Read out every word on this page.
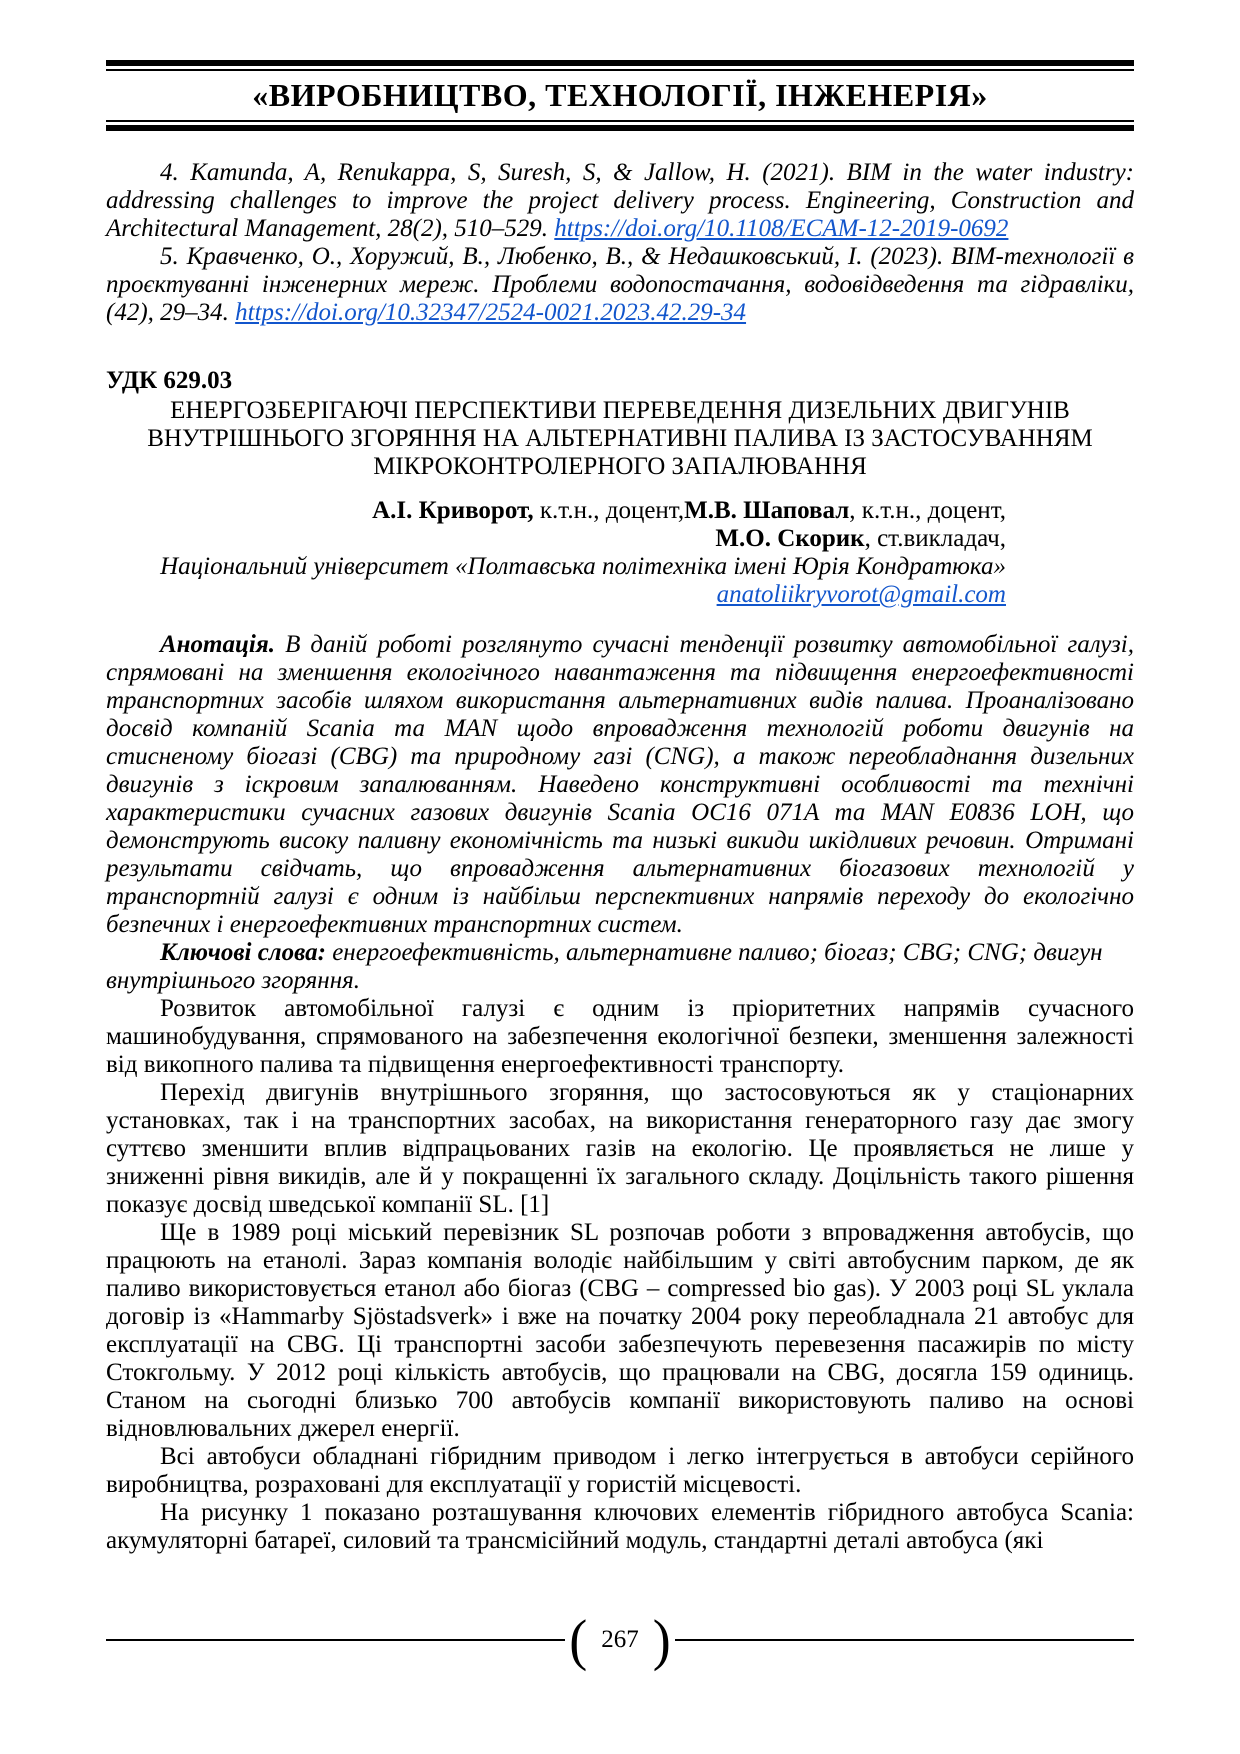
«ВИРОБНИЦТВО, ТЕХНОЛОГІЇ, ІНЖЕНЕРІЯ»

4. Kamunda, A, Renukappa, S, Suresh, S, & Jallow, H. (2021). BIM in the water industry: addressing challenges to improve the project delivery process. Engineering, Construction and Architectural Management, 28(2), 510–529. https://doi.org/10.1108/ECAM-12-2019-0692

5. Кравченко, О., Хоружий, В., Любенко, В., & Недашковський, І. (2023). BIM-технології в проєктуванні інженерних мереж. Проблеми водопостачання, водовідведення та гідравліки, (42), 29–34. https://doi.org/10.32347/2524-0021.2023.42.29-34

УДК 629.03

ЕНЕРГОЗБЕРІГАЮЧІ ПЕРСПЕКТИВИ ПЕРЕВЕДЕННЯ ДИЗЕЛЬНИХ ДВИГУНІВ ВНУТРІШНЬОГО ЗГОРЯННЯ НА АЛЬТЕРНАТИВНІ ПАЛИВА ІЗ ЗАСТОСУВАННЯМ МІКРОКОНТРОЛЕРНОГО ЗАПАЛЮВАННЯ

А.І. Криворот, к.т.н., доцент,М.В. Шаповал, к.т.н., доцент,

М.О. Скорик, ст.викладач,

Національний університет «Полтавська політехніка імені Юрія Кондратюка»

anatoliikryvorot@gmail.com

Анотація. В даній роботі розглянуто сучасні тенденції розвитку автомобільної галузі, спрямовані на зменшення екологічного навантаження та підвищення енергоефективності транспортних засобів шляхом використання альтернативних видів палива. Проаналізовано досвід компаній Scania та MAN щодо впровадження технологій роботи двигунів на стисненому біогазі (CBG) та природному газі (CNG), а також переобладнання дизельних двигунів з іскровим запалюванням. Наведено конструктивні особливості та технічні характеристики сучасних газових двигунів Scania OC16 071A та MAN E0836 LOH, що демонструють високу паливну економічність та низькі викиди шкідливих речовин. Отримані результати свідчать, що впровадження альтернативних біогазових технологій у транспортній галузі є одним із найбільш перспективних напрямів переходу до екологічно безпечних і енергоефективних транспортних систем.

Ключові слова: енергоефективність, альтернативне паливо; біогаз; CBG; CNG; двигун внутрішнього згоряння.

Розвиток автомобільної галузі є одним із пріоритетних напрямів сучасного машинобудування, спрямованого на забезпечення екологічної безпеки, зменшення залежності від викопного палива та підвищення енергоефективності транспорту.

Перехід двигунів внутрішнього згоряння, що застосовуються як у стаціонарних установках, так і на транспортних засобах, на використання генераторного газу дає змогу суттєво зменшити вплив відпрацьованих газів на екологію. Це проявляється не лише у зниженні рівня викидів, але й у покращенні їх загального складу. Доцільність такого рішення показує досвід шведської компанії SL. [1]

Ще в 1989 році міський перевізник SL розпочав роботи з впровадження автобусів, що працюють на етанолі. Зараз компанія володіє найбільшим у світі автобусним парком, де як паливо використовується етанол або біогаз (CBG – compressed bio gas). У 2003 році SL уклала договір із «Hammarby Sjöstadsverk» і вже на початку 2004 року переобладнала 21 автобус для експлуатації на CBG. Ці транспортні засоби забезпечують перевезення пасажирів по місту Стокгольму. У 2012 році кількість автобусів, що працювали на CBG, досягла 159 одиниць. Станом на сьогодні близько 700 автобусів компанії використовують паливо на основі відновлювальних джерел енергії.

Всі автобуси обладнані гібридним приводом і легко інтегрується в автобуси серійного виробництва, розраховані для експлуатації у гористій місцевості.

На рисунку 1 показано розташування ключових елементів гібридного автобуса Scania: акумуляторні батареї, силовий та трансмісійний модуль, стандартні деталі автобуса (які

( 267 )
